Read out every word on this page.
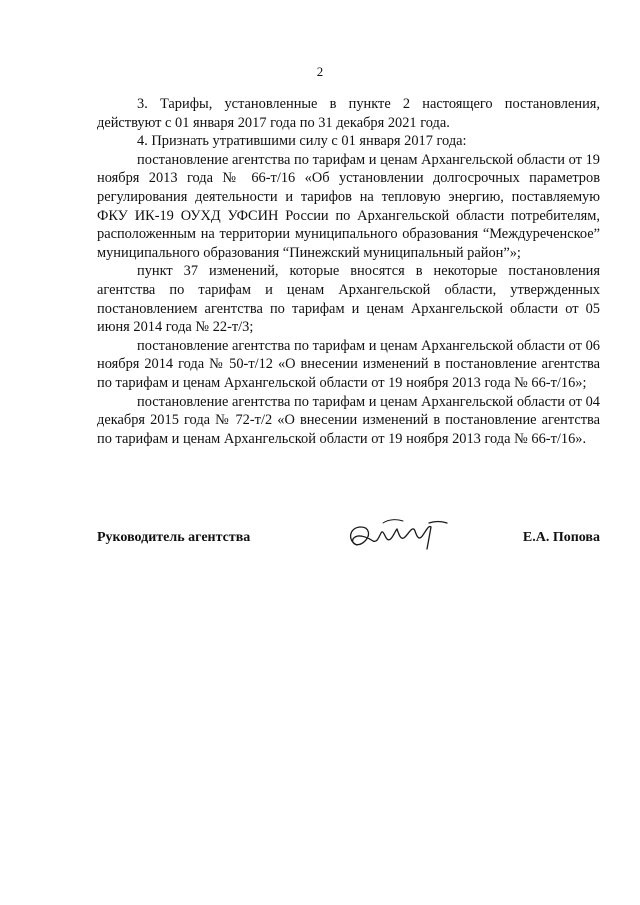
2

3. Тарифы, установленные в пункте 2 настоящего постановления, действуют с 01 января 2017 года по 31 декабря 2021 года.

4. Признать утратившими силу с 01 января 2017 года:

постановление агентства по тарифам и ценам Архангельской области от 19 ноября 2013 года № 66-т/16 «Об установлении долгосрочных параметров регулирования деятельности и тарифов на тепловую энергию, поставляемую ФКУ ИК-19 ОУХД УФСИН России по Архангельской области потребителям, расположенным на территории муниципального образования “Междуреченское” муниципального образования “Пинежский муниципальный район”»;

пункт 37 изменений, которые вносятся в некоторые постановления агентства по тарифам и ценам Архангельской области, утвержденных постановлением агентства по тарифам и ценам Архангельской области от 05 июня 2014 года № 22-т/3;

постановление агентства по тарифам и ценам Архангельской области от 06 ноября 2014 года № 50-т/12 «О внесении изменений в постановление агентства по тарифам и ценам Архангельской области от 19 ноября 2013 года № 66-т/16»;

постановление агентства по тарифам и ценам Архангельской области от 04 декабря 2015 года № 72-т/2 «О внесении изменений в постановление агентства по тарифам и ценам Архангельской области от 19 ноября 2013 года № 66-т/16».

Руководитель агентства	Е.А. Попова
